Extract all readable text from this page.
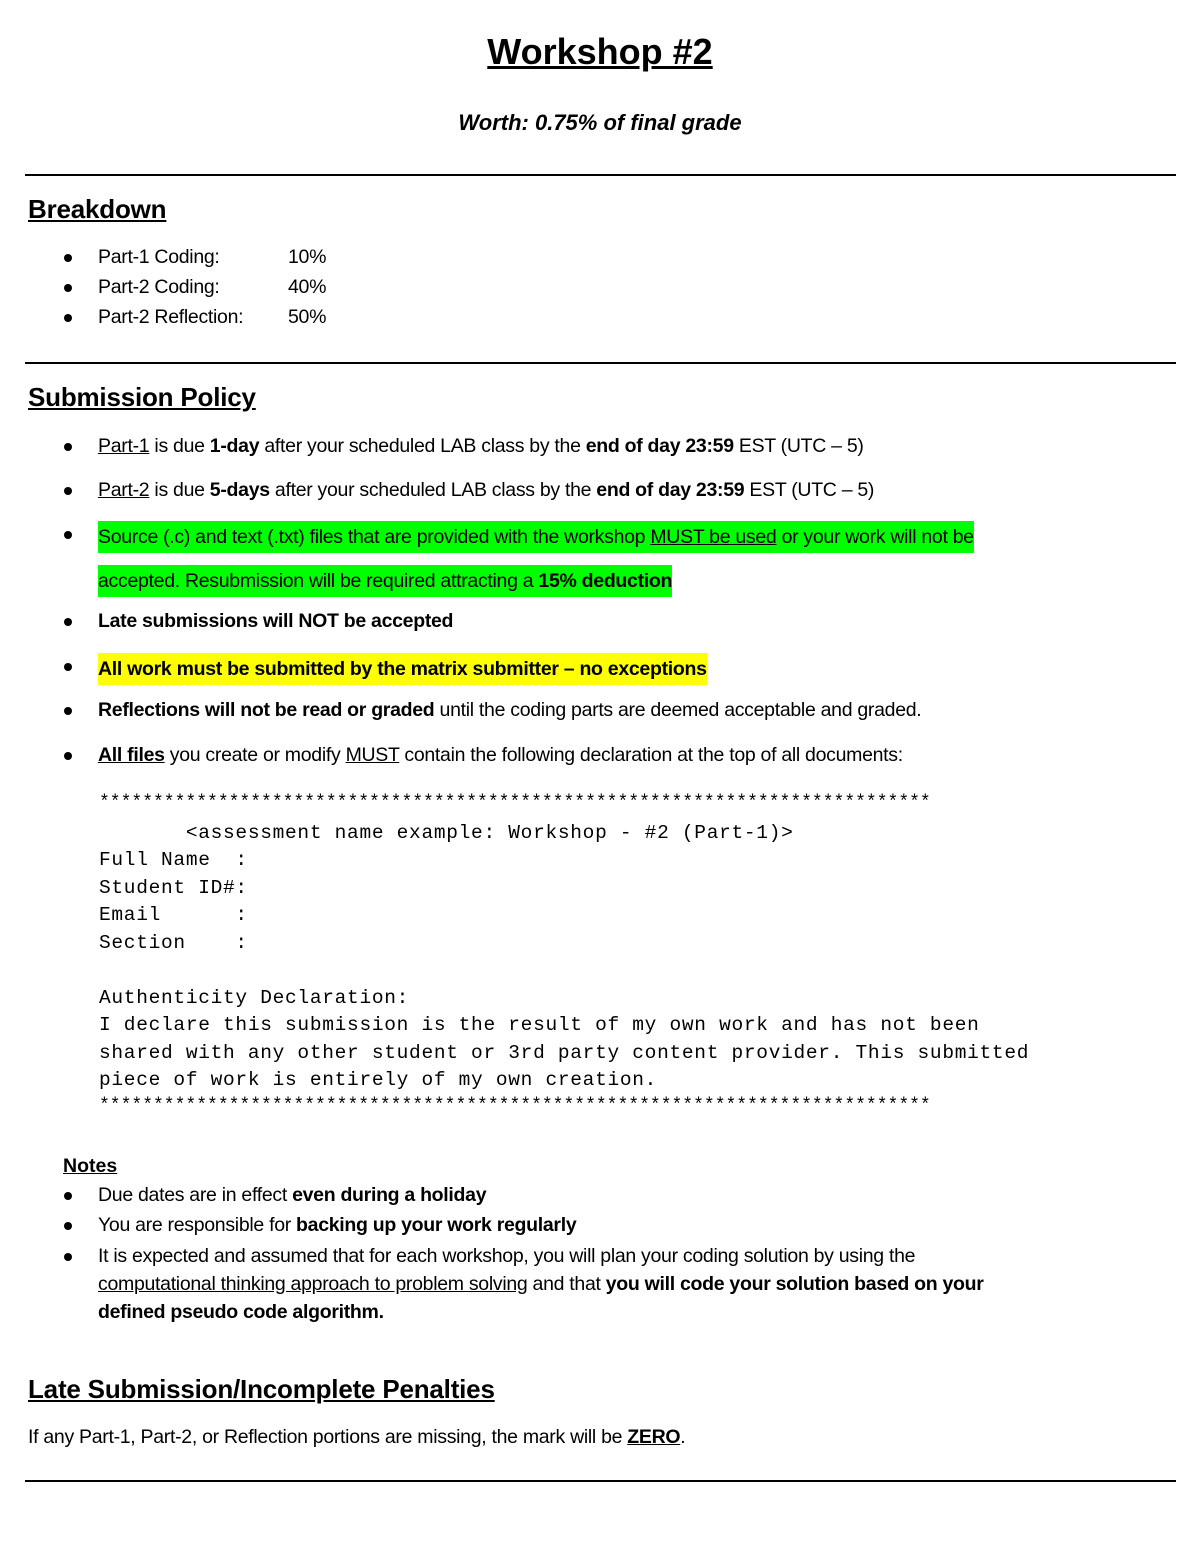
Workshop #2
Worth: 0.75% of final grade
Breakdown
Part-1 Coding:	10%
Part-2 Coding:	40%
Part-2 Reflection: 50%
Submission Policy
Part-1 is due 1-day after your scheduled LAB class by the end of day 23:59 EST (UTC – 5)
Part-2 is due 5-days after your scheduled LAB class by the end of day 23:59 EST (UTC – 5)
Source (.c) and text (.txt) files that are provided with the workshop MUST be used or your work will not be
accepted. Resubmission will be required attracting a 15% deduction
Late submissions will NOT be accepted
All work must be submitted by the matrix submitter – no exceptions
Reflections will not be read or graded until the coding parts are deemed acceptable and graded.
All files you create or modify MUST contain the following declaration at the top of all documents:
*****************************************************************************
<assessment name example: Workshop - #2 (Part-1)>
Full Name  :
Student ID#:
Email      :
Section    :
Authenticity Declaration:
I declare this submission is the result of my own work and has not been
shared with any other student or 3rd party content provider. This submitted
piece of work is entirely of my own creation.
*****************************************************************************
Notes
Due dates are in effect even during a holiday
You are responsible for backing up your work regularly
It is expected and assumed that for each workshop, you will plan your coding solution by using the
computational thinking approach to problem solving and that you will code your solution based on your
defined pseudo code algorithm.
Late Submission/Incomplete Penalties
If any Part-1, Part-2, or Reflection portions are missing, the mark will be ZERO.
